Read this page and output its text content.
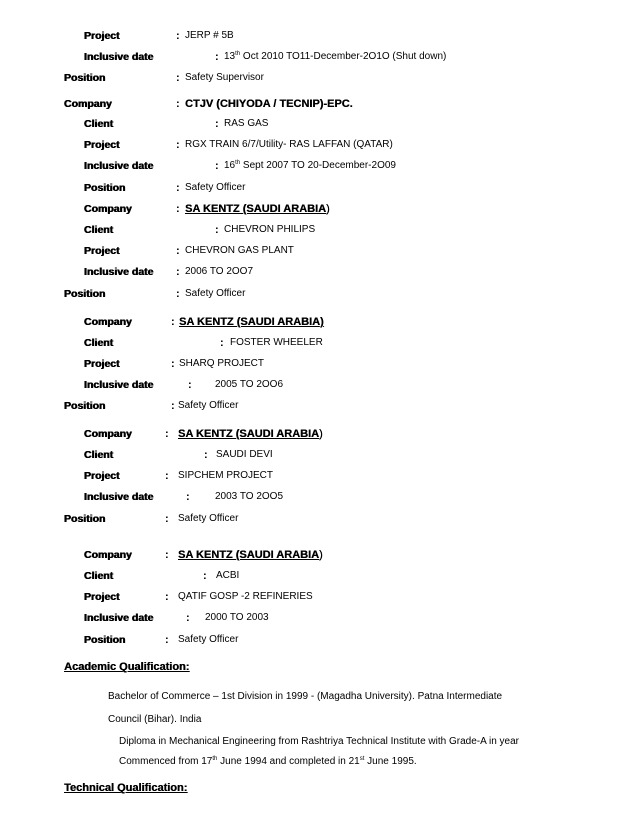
Project	: JERP # 5B
Inclusive date	: 13th Oct 2010 TO11-December-2O1O (Shut down)
Position	: Safety Supervisor
Company	: CTJV (CHIYODA / TECNIP)-EPC.
Client	: RAS GAS
Project	: RGX TRAIN 6/7/Utility- RAS LAFFAN (QATAR)
Inclusive date	: 16th Sept 2007 TO 20-December-2O09
Position	: Safety Officer
Company	: SA KENTZ (SAUDI ARABIA)
Client	: CHEVRON PHILIPS
Project	: CHEVRON GAS PLANT
Inclusive date : 2006 TO 2OO7
Position	: Safety Officer
Company	: SA KENTZ (SAUDI ARABIA)
Client	: FOSTER WHEELER
Project	: SHARQ PROJECT
Inclusive date	: 2005 TO 2OO6
Position	: Safety Officer
Company	: SA KENTZ (SAUDI ARABIA)
Client	: SAUDI DEVI
Project	: SIPCHEM PROJECT
Inclusive date	:	2003 TO 2OO5
Position	: Safety Officer
Company	: SA KENTZ (SAUDI ARABIA)
Client	: ACBI
Project	: QATIF GOSP -2 REFINERIES
Inclusive date	: 2000 TO 2003
Position	: Safety Officer
Academic Qualification:
Bachelor of Commerce – 1st Division in 1999 - (Magadha University). Patna Intermediate
Council (Bihar). India
Diploma in Mechanical Engineering from Rashtriya Technical Institute with Grade-A in year
Commenced from 17th June 1994 and completed in 21st June 1995.
Technical Qualification:
